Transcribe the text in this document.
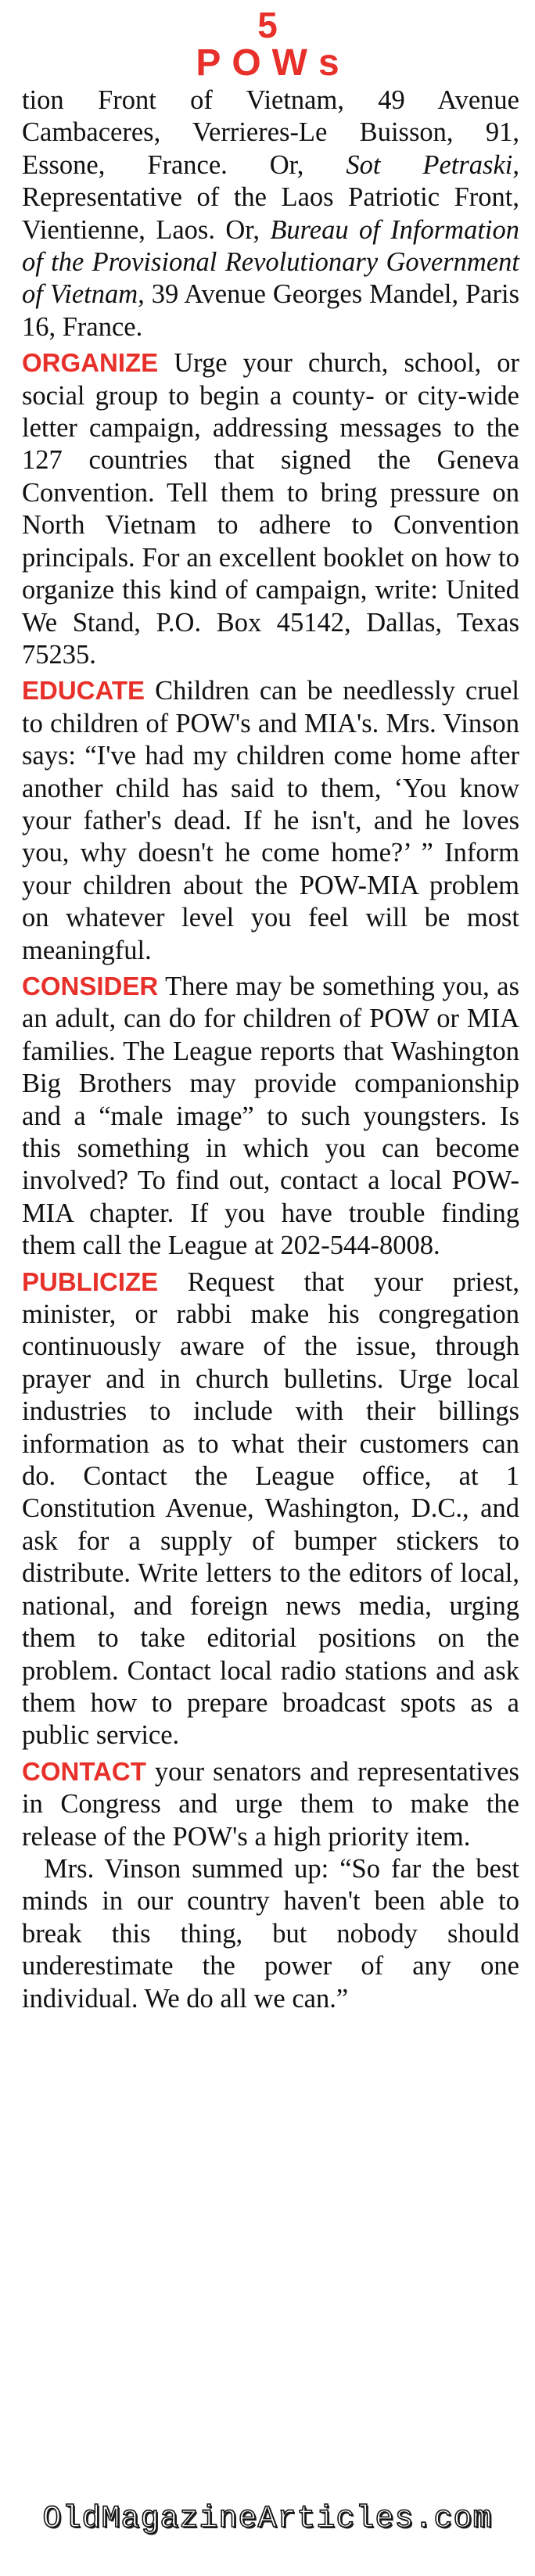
5
POWs

tion Front of Vietnam, 49 Avenue Cambaceres, Verrieres-Le Buisson, 91, Essone, France. Or, Sot Petraski, Representative of the Laos Patriotic Front, Vientienne, Laos. Or, Bureau of Information of the Provisional Revolutionary Government of Vietnam, 39 Avenue Georges Mandel, Paris 16, France.

ORGANIZE Urge your church, school, or social group to begin a county- or city-wide letter campaign, addressing messages to the 127 countries that signed the Geneva Convention. Tell them to bring pressure on North Vietnam to adhere to Convention principals. For an excellent booklet on how to organize this kind of campaign, write: United We Stand, P.O. Box 45142, Dallas, Texas 75235.

EDUCATE Children can be needlessly cruel to children of POW's and MIA's. Mrs. Vinson says: “I've had my children come home after another child has said to them, ‘You know your father's dead. If he isn't, and he loves you, why doesn't he come home?’ ” Inform your children about the POW-MIA problem on whatever level you feel will be most meaningful.

CONSIDER There may be something you, as an adult, can do for children of POW or MIA families. The League reports that Washington Big Brothers may provide companionship and a “male image” to such youngsters. Is this something in which you can become involved? To find out, contact a local POW-MIA chapter. If you have trouble finding them call the League at 202-544-8008.

PUBLICIZE Request that your priest, minister, or rabbi make his congregation continuously aware of the issue, through prayer and in church bulletins. Urge local industries to include with their billings information as to what their customers can do. Contact the League office, at 1 Constitution Avenue, Washington, D.C., and ask for a supply of bumper stickers to distribute. Write letters to the editors of local, national, and foreign news media, urging them to take editorial positions on the problem. Contact local radio stations and ask them how to prepare broadcast spots as a public service.

CONTACT your senators and representatives in Congress and urge them to make the release of the POW's a high priority item.

Mrs. Vinson summed up: “So far the best minds in our country haven't been able to break this thing, but nobody should underestimate the power of any one individual. We do all we can.”

OldMagazineArticles.com
